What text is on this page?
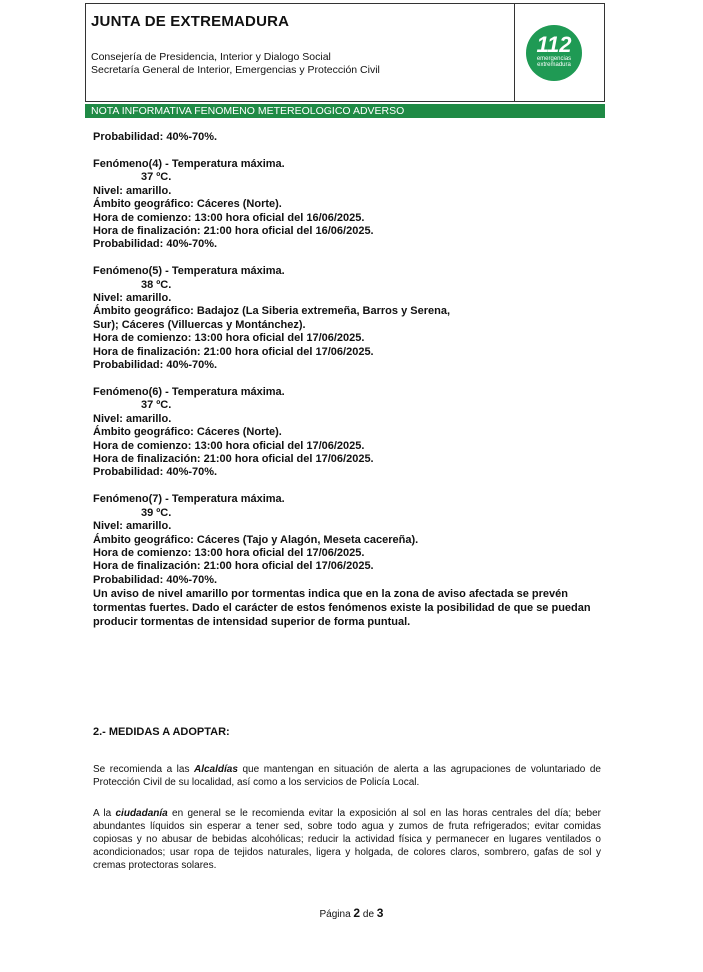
JUNTA DE EXTREMADURA
Consejería de Presidencia, Interior y Dialogo Social
Secretaría General de Interior, Emergencias y Protección Civil
112
emergencias extremadura
NOTA INFORMATIVA FENOMENO METEREOLOGICO ADVERSO

Probabilidad: 40%-70%.

Fenómeno(4) - Temperatura máxima.

37 ºC.

Nivel: amarillo.

Ámbito geográfico: Cáceres (Norte).

Hora de comienzo: 13:00 hora oficial del 16/06/2025.

Hora de finalización: 21:00 hora oficial del 16/06/2025.

Probabilidad: 40%-70%.

Fenómeno(5) - Temperatura máxima.

38 ºC.

Nivel: amarillo.

Ámbito geográfico: Badajoz (La Siberia extremeña, Barros y Serena,

Sur); Cáceres (Villuercas y Montánchez).

Hora de comienzo: 13:00 hora oficial del 17/06/2025.

Hora de finalización: 21:00 hora oficial del 17/06/2025.

Probabilidad: 40%-70%.

Fenómeno(6) - Temperatura máxima.

37 ºC.

Nivel: amarillo.

Ámbito geográfico: Cáceres (Norte).

Hora de comienzo: 13:00 hora oficial del 17/06/2025.

Hora de finalización: 21:00 hora oficial del 17/06/2025.

Probabilidad: 40%-70%.

Fenómeno(7) - Temperatura máxima.

39 ºC.

Nivel: amarillo.

Ámbito geográfico: Cáceres (Tajo y Alagón, Meseta cacereña).

Hora de comienzo: 13:00 hora oficial del 17/06/2025.

Hora de finalización: 21:00 hora oficial del 17/06/2025.

Probabilidad: 40%-70%.

Un aviso de nivel amarillo por tormentas indica que en la zona de aviso afectada se prevén tormentas fuertes. Dado el carácter de estos fenómenos existe la posibilidad de que se puedan producir tormentas de intensidad superior de forma puntual.

2.- MEDIDAS A ADOPTAR:

Se recomienda a las Alcaldías que mantengan en situación de alerta a las agrupaciones de voluntariado de Protección Civil de su localidad, así como a los servicios de Policía Local.

A la ciudadanía en general se le recomienda evitar la exposición al sol en las horas centrales del día; beber abundantes líquidos sin esperar a tener sed, sobre todo agua y zumos de fruta refrigerados; evitar comidas copiosas y no abusar de bebidas alcohólicas; reducir la actividad física y permanecer en lugares ventilados o acondicionados; usar ropa de tejidos naturales, ligera y holgada, de colores claros, sombrero, gafas de sol y cremas protectoras solares.

Página 2 de 3
